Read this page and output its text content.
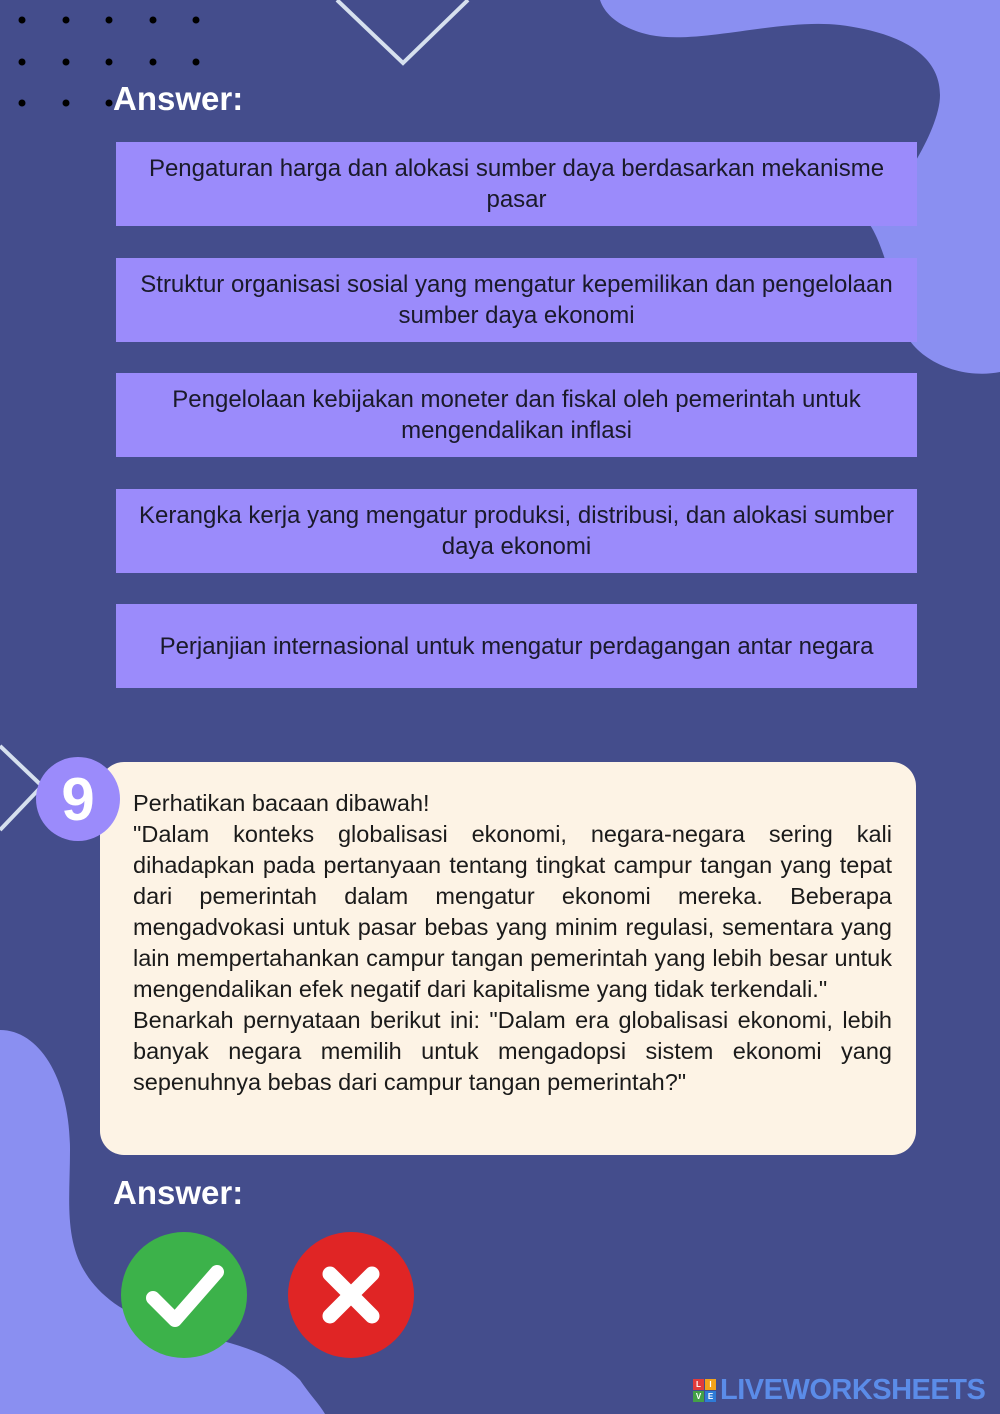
Answer:
Pengaturan harga dan alokasi sumber daya berdasarkan mekanisme pasar
Struktur organisasi sosial yang mengatur kepemilikan dan pengelolaan sumber daya ekonomi
Pengelolaan kebijakan moneter dan fiskal oleh pemerintah untuk mengendalikan inflasi
Kerangka kerja yang mengatur produksi, distribusi, dan alokasi sumber daya ekonomi
Perjanjian internasional untuk mengatur perdagangan antar negara
9	Perhatikan bacaan dibawah!

"Dalam konteks globalisasi ekonomi, negara-negara sering kali dihadapkan pada pertanyaan tentang tingkat campur tangan yang tepat dari pemerintah dalam mengatur ekonomi mereka. Beberapa mengadvokasi untuk pasar bebas yang minim regulasi, sementara yang lain mempertahankan campur tangan pemerintah yang lebih besar untuk mengendalikan efek negatif dari kapitalisme yang tidak terkendali."

Benarkah pernyataan berikut ini: "Dalam era globalisasi ekonomi, lebih banyak negara memilih untuk mengadopsi sistem ekonomi yang sepenuhnya bebas dari campur tangan pemerintah?"

Answer:
L	I
V E LIVEWORKSHEETS
